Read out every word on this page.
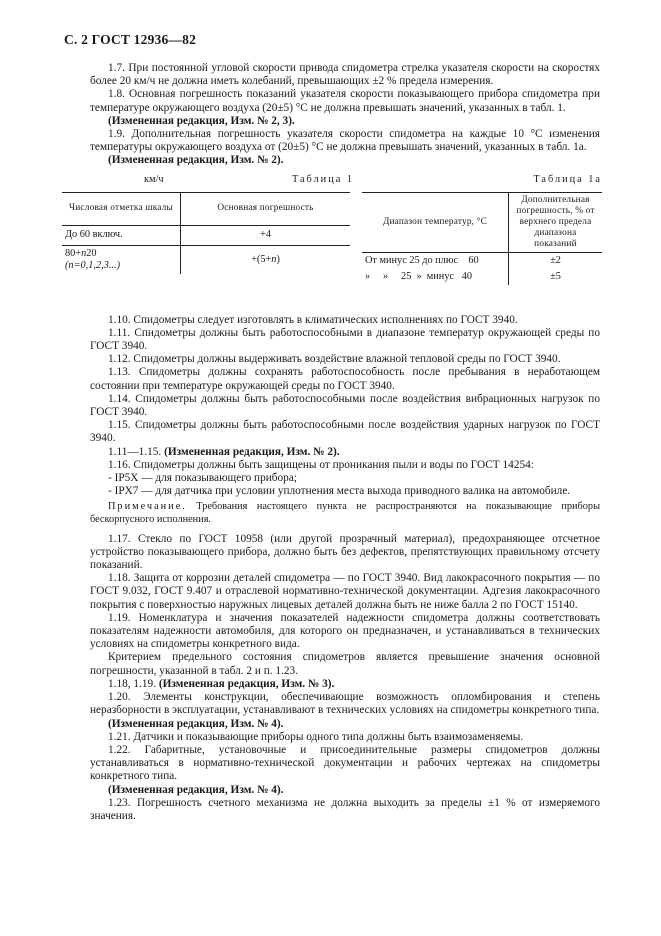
С. 2 ГОСТ 12936—82

1.7. При постоянной угловой скорости привода спидометра стрелка указателя скорости на скоростях более 20 км/ч не должна иметь колебаний, превышающих ±2 % предела измерения.

1.8. Основная погрешность показаний указателя скорости показывающего прибора спидометра при температуре окружающего воздуха (20±5) °С не должна превышать значений, указанных в табл. 1.

(Измененная редакция, Изм. № 2, 3).

1.9. Дополнительная погрешность указателя скорости спидометра на каждые 10 °С изменения температуры окружающего воздуха от (20±5) °С не должна превышать значений, указанных в табл. 1а.

(Измененная редакция, Изм. № 2).

км/ч	Таблица 1	Таблица 1а
Числовая отметка шкалы	Основная погрешность
До 60 включ.	+4
80+n20
(n=0,1,2,3...)	+(5+n)
Диапазон температур, °С	Дополнительная погрешность, % от верхнего предела диапазона показаний
От минус 25 до плюс    60	±2
»     »     25  »  минус   40	±5

1.10. Спидометры следует изготовлять в климатических исполнениях по ГОСТ 3940.

1.11. Спидометры должны быть работоспособными в диапазоне температур окружающей среды по ГОСТ 3940.

1.12. Спидометры должны выдерживать воздействие влажной тепловой среды по ГОСТ 3940.

1.13. Спидометры должны сохранять работоспособность после пребывания в неработающем состоянии при температуре окружающей среды по ГОСТ 3940.

1.14. Спидометры должны быть работоспособными после воздействия вибрационных нагрузок по ГОСТ 3940.

1.15. Спидометры должны быть работоспособными после воздействия ударных нагрузок по ГОСТ 3940.

1.11—1.15. (Измененная редакция, Изм. № 2).

1.16. Спидометры должны быть защищены от проникания пыли и воды по ГОСТ 14254:

- IP5X — для показывающего прибора;

- IPX7 — для датчика при условии уплотнения места выхода приводного валика на автомобиле.

Примечание. Требования настоящего пункта не распространяются на показывающие приборы бескорпусного исполнения.

1.17. Стекло по ГОСТ 10958 (или другой прозрачный материал), предохраняющее отсчетное устройство показывающего прибора, должно быть без дефектов, препятствующих правильному отсчету показаний.

1.18. Защита от коррозии деталей спидометра — по ГОСТ 3940. Вид лакокрасочного покрытия — по ГОСТ 9.032, ГОСТ 9.407 и отраслевой нормативно-технической документации. Адгезия лакокрасочного покрытия с поверхностью наружных лицевых деталей должна быть не ниже балла 2 по ГОСТ 15140.

1.19. Номенклатура и значения показателей надежности спидометра должны соответствовать показателям надежности автомобиля, для которого он предназначен, и устанавливаться в технических условиях на спидометры конкретного вида.

Критерием предельного состояния спидометров является превышение значения основной погрешности, указанной в табл. 2 и п. 1.23.

1.18, 1.19. (Измененная редакция, Изм. № 3).

1.20. Элементы конструкции, обеспечивающие возможность опломбирования и степень неразборности в эксплуатации, устанавливают в технических условиях на спидометры конкретного типа.

(Измененная редакция, Изм. № 4).

1.21. Датчики и показывающие приборы одного типа должны быть взаимозаменяемы.

1.22. Габаритные, установочные и присоединительные размеры спидометров должны устанавливаться в нормативно-технической документации и рабочих чертежах на спидометры конкретного типа.

(Измененная редакция, Изм. № 4).

1.23. Погрешность счетного механизма не должна выходить за пределы ±1 % от измеряемого значения.
